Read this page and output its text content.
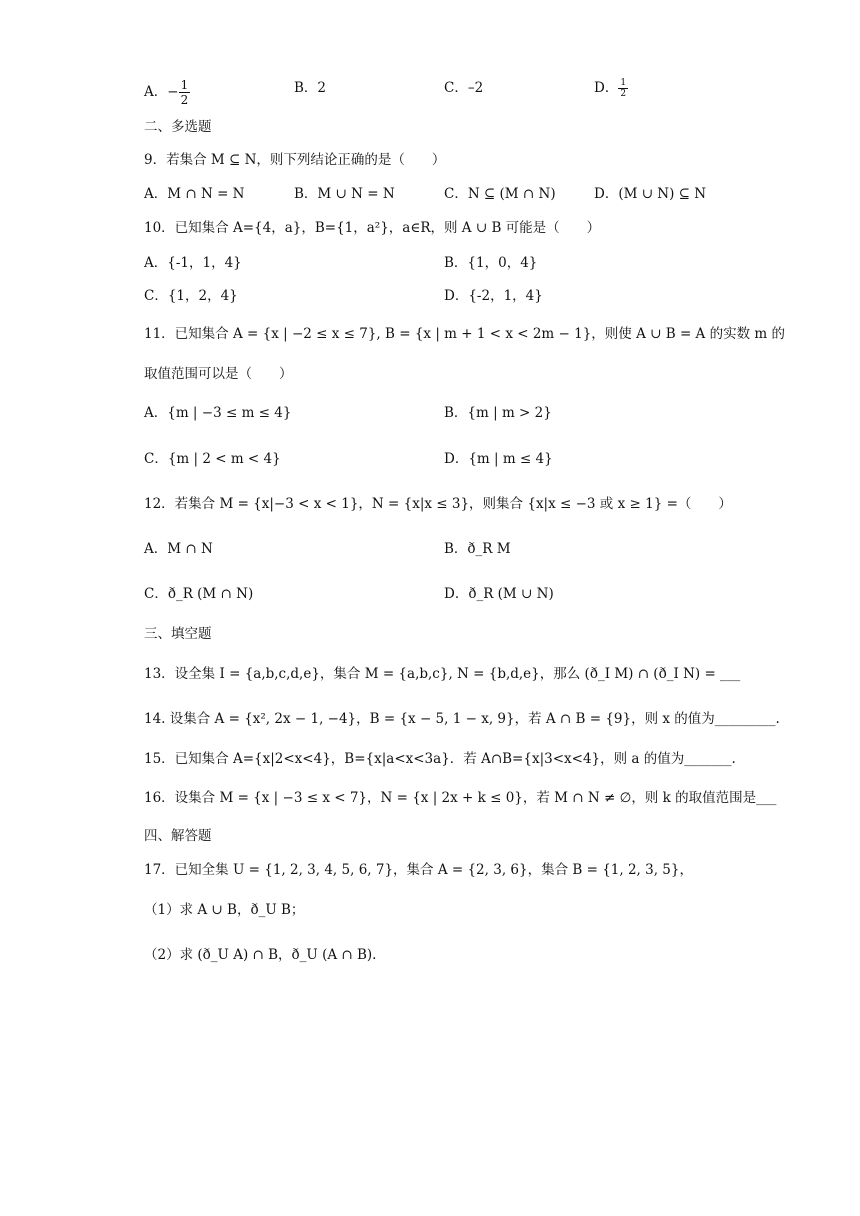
A．− $\frac{1}{2}$	B．2	C．–2	D． $\frac{1}{2}$
二、多选题
9．若集合 M ⊆ N，则下列结论正确的是（　　）
A．M ∩ N = N	B．M ∪ N = N	C．N ⊆ (M ∩ N)	D．(M ∪ N) ⊆ N
10．已知集合 A={4，a}，B={1，a²}，a∈R，则 A ∪ B 可能是（　　）
A．{-1，1，4}	B．{1，0，4}
C．{1，2，4}	D．{-2，1，4}
11．已知集合 A = {x | −2 ≤ x ≤ 7}, B = {x | m + 1 < x < 2m − 1}，则使 A ∪ B = A 的实数 m 的
取值范围可以是（　　）
A．{m | −3 ≤ m ≤ 4}	B．{m | m > 2}
C．{m | 2 < m < 4}	D．{m | m ≤ 4}
12．若集合 M = {x|−3 < x < 1}，N = {x|x ≤ 3}，则集合 {x|x ≤ −3 或 x ≥ 1} =（　　）
A．M ∩ N	B．ð_R M
C．ð_R (M ∩ N)	D．ð_R (M ∪ N)
三、填空题
13．设全集 I = {a,b,c,d,e}，集合 M = {a,b,c}, N = {b,d,e}，那么 (ð_I M) ∩ (ð_I N) = ___
14. 设集合 A = {x², 2x − 1, −4}，B = {x − 5, 1 − x, 9}，若 A ∩ B = {9}，则 x 的值为_________.
15．已知集合 A={x|2<x<4}，B={x|a<x<3a}．若 A∩B={x|3<x<4}，则 a 的值为_______.
16．设集合 M = {x | −3 ≤ x < 7}，N = {x | 2x + k ≤ 0}，若 M ∩ N ≠ ∅，则 k 的取值范围是___
四、解答题
17．已知全集 U = {1, 2, 3, 4, 5, 6, 7}，集合 A = {2, 3, 6}，集合 B = {1, 2, 3, 5}，
（1）求 A ∪ B，ð_U B；
（2）求 (ð_U A) ∩ B，ð_U (A ∩ B).
